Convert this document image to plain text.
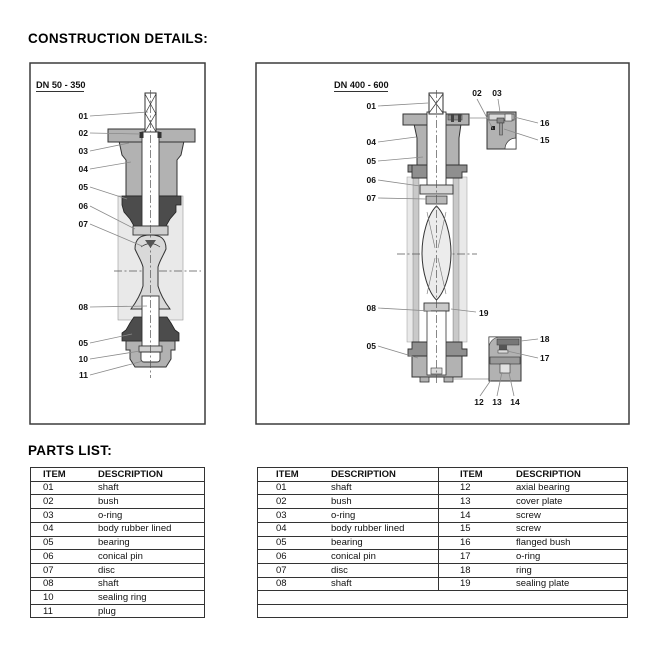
CONSTRUCTION DETAILS:
DN 50 - 350
01
02
03
04
05
06
07
08
05
10
11
DN 400 - 600
01
04
05
06
07
08
05
02 03
12 13 14
16
15
18
17
19
PARTS LIST:
ITEM	DESCRIPTION
01	shaft
02	bush
03	o-ring
04	body rubber lined
05	bearing
06	conical pin
07	disc
08	shaft
10	sealing ring
11	plug
ITEM	DESCRIPTION	ITEM	DESCRIPTION
01	shaft	12	axial bearing
02	bush	13	cover plate
03	o-ring	14	screw
04	body rubber lined	15	screw
05	bearing	16	flanged bush
06	conical pin	17	o-ring
07	disc	18	ring
08	shaft	19	sealing plate
